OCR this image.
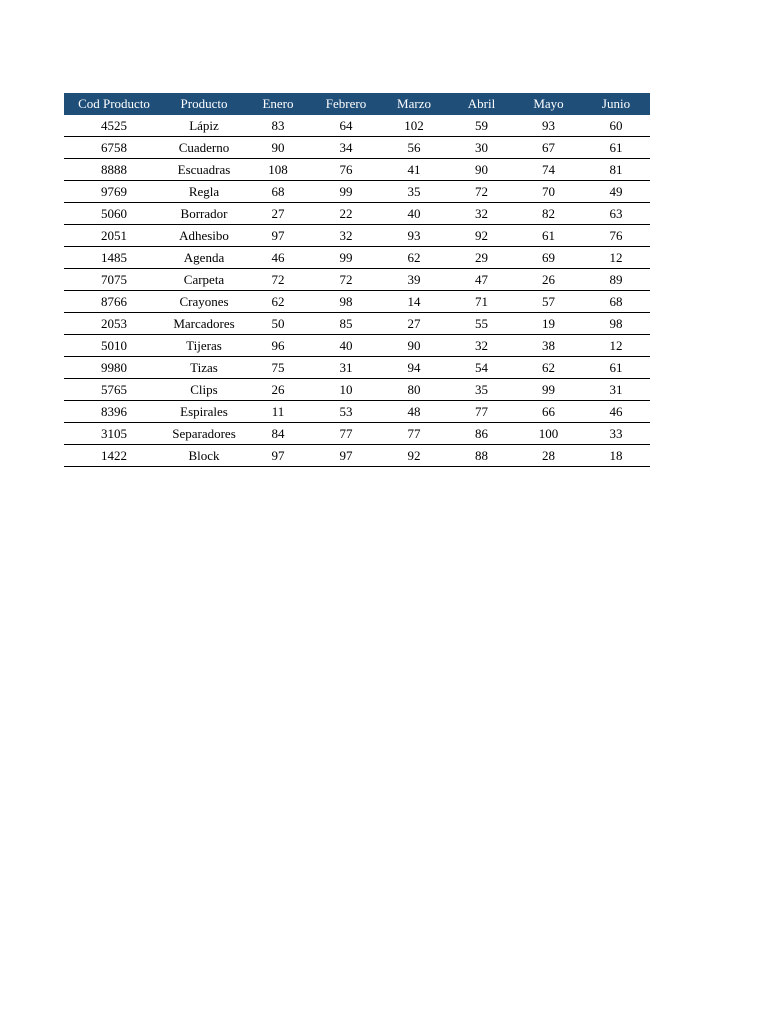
Cod Producto	Producto	Enero	Febrero	Marzo	Abril	Mayo	Junio
4525	Lápiz	83	64	102	59	93	60
6758	Cuaderno	90	34	56	30	67	61
8888	Escuadras	108	76	41	90	74	81
9769	Regla	68	99	35	72	70	49
5060	Borrador	27	22	40	32	82	63
2051	Adhesibo	97	32	93	92	61	76
1485	Agenda	46	99	62	29	69	12
7075	Carpeta	72	72	39	47	26	89
8766	Crayones	62	98	14	71	57	68
2053	Marcadores	50	85	27	55	19	98
5010	Tijeras	96	40	90	32	38	12
9980	Tizas	75	31	94	54	62	61
5765	Clips	26	10	80	35	99	31
8396	Espirales	11	53	48	77	66	46
3105	Separadores	84	77	77	86	100	33
1422	Block	97	97	92	88	28	18
